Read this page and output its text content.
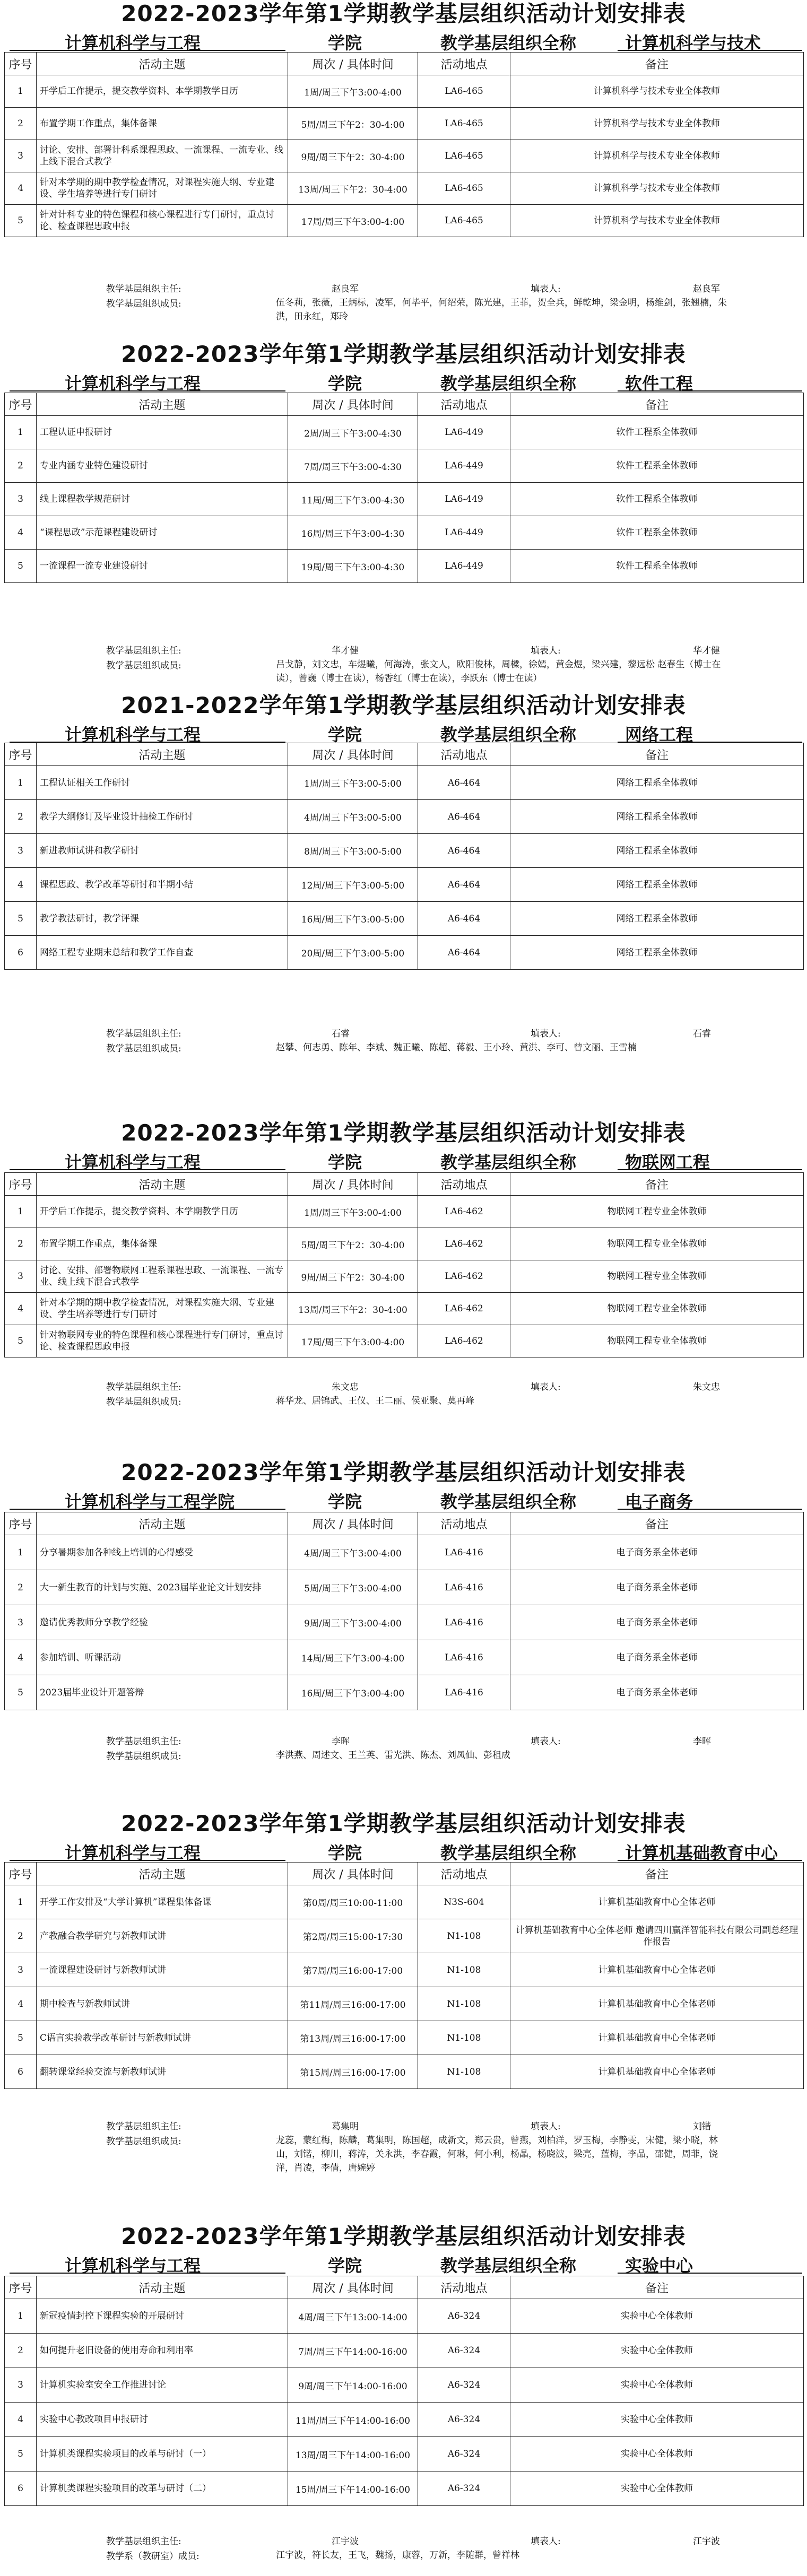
2022-2023学年第1学期教学基层组织活动计划安排表
计算机科学与工程	学院	教学基层组织全称	计算机科学与技术
序号	活动主题	周次 / 具体时间	活动地点	备注
1	开学后工作提示，提交教学资料、本学期教学日历	1周/周三下午3:00-4:00	LA6-465	计算机科学与技术专业全体教师
2	布置学期工作重点，集体备课	5周/周三下午2：30-4:00	LA6-465	计算机科学与技术专业全体教师
3	讨论、安排、部署计科系课程思政、一流课程、一流专业、线上线下混合式教学	9周/周三下午2：30-4:00	LA6-465	计算机科学与技术专业全体教师
4	针对本学期的期中教学检查情况，对课程实施大纲、专业建设、学生培养等进行专门研讨	13周/周三下午2：30-4:00	LA6-465	计算机科学与技术专业全体教师
5	针对计科专业的特色课程和核心课程进行专门研讨，重点讨论、检查课程思政申报	17周/周三下午3:00-4:00	LA6-465	计算机科学与技术专业全体教师
教学基层组织主任:	赵良军	填表人:	赵良军
教学基层组织成员:	伍冬莉，张薇，王炳标，凌军，何毕平，何绍荣，陈光建，王菲，贺全兵，鲜乾坤，梁金明，杨维剑，张翘楠，朱洪，田永红，郑玲
2022-2023学年第1学期教学基层组织活动计划安排表
计算机科学与工程	学院	教学基层组织全称	软件工程
序号	活动主题	周次 / 具体时间	活动地点	备注
1	工程认证申报研讨	2周/周三下午3:00-4:30	LA6-449	软件工程系全体教师
2	专业内涵专业特色建设研讨	7周/周三下午3:00-4:30	LA6-449	软件工程系全体教师
3	线上课程教学规范研讨	11周/周三下午3:00-4:30	LA6-449	软件工程系全体教师
4	“课程思政”示范课程建设研讨	16周/周三下午3:00-4:30	LA6-449	软件工程系全体教师
5	一流课程一流专业建设研讨	19周/周三下午3:00-4:30	LA6-449	软件工程系全体教师
教学基层组织主任:	华才健	填表人:	华才健
教学基层组织成员:	吕戈静，刘文忠，车煜曦，何海涛，张文人，欧阳俊林，周樑，徐嫣，黄金煜，梁兴建，黎远松 赵春生（博士在读），曾巍（博士在读），杨香红（博士在读），李跃东（博士在读）
2021-2022学年第1学期教学基层组织活动计划安排表
计算机科学与工程	学院	教学基层组织全称	网络工程
序号	活动主题	周次 / 具体时间	活动地点	备注
1	工程认证相关工作研讨	1周/周三下午3:00-5:00	A6-464	网络工程系全体教师
2	教学大纲修订及毕业设计抽检工作研讨	4周/周三下午3:00-5:00	A6-464	网络工程系全体教师
3	新进教师试讲和教学研讨	8周/周三下午3:00-5:00	A6-464	网络工程系全体教师
4	课程思政、教学改革等研讨和半期小结	12周/周三下午3:00-5:00	A6-464	网络工程系全体教师
5	教学教法研讨，教学评课	16周/周三下午3:00-5:00	A6-464	网络工程系全体教师
6	网络工程专业期末总结和教学工作自查	20周/周三下午3:00-5:00	A6-464	网络工程系全体教师
教学基层组织主任:	石睿	填表人:	石睿
教学基层组织成员:	赵攀、何志勇、陈年、李斌、魏正曦、陈超、蒋毅、王小玲、黄洪、李可、曾文丽、王雪楠
2022-2023学年第1学期教学基层组织活动计划安排表
计算机科学与工程	学院	教学基层组织全称	物联网工程
序号	活动主题	周次 / 具体时间	活动地点	备注
1	开学后工作提示，提交教学资料、本学期教学日历	1周/周三下午3:00-4:00	LA6-462	物联网工程专业全体教师
2	布置学期工作重点，集体备课	5周/周三下午2：30-4:00	LA6-462	物联网工程专业全体教师
3	讨论、安排、部署物联网工程系课程思政、一流课程、一流专业、线上线下混合式教学	9周/周三下午2：30-4:00	LA6-462	物联网工程专业全体教师
4	针对本学期的期中教学检查情况，对课程实施大纲、专业建设、学生培养等进行专门研讨	13周/周三下午2：30-4:00	LA6-462	物联网工程专业全体教师
5	针对物联网专业的特色课程和核心课程进行专门研讨，重点讨论、检查课程思政申报	17周/周三下午3:00-4:00	LA6-462	物联网工程专业全体教师
教学基层组织主任:	朱文忠	填表人:	朱文忠
教学基层组织成员:	蒋华龙、居锦武、王仪、王二丽、侯亚聚、莫再峰
2022-2023学年第1学期教学基层组织活动计划安排表
计算机科学与工程学院	学院	教学基层组织全称	电子商务
序号	活动主题	周次 / 具体时间	活动地点	备注
1	分享暑期参加各种线上培训的心得感受	4周/周三下午3:00-4:00	LA6-416	电子商务系全体老师
2	大一新生教育的计划与实施、2023届毕业论文计划安排	5周/周三下午3:00-4:00	LA6-416	电子商务系全体老师
3	邀请优秀教师分享教学经验	9周/周三下午3:00-4:00	LA6-416	电子商务系全体老师
4	参加培训、听课活动	14周/周三下午3:00-4:00	LA6-416	电子商务系全体老师
5	2023届毕业设计开题答辩	16周/周三下午3:00-4:00	LA6-416	电子商务系全体老师
教学基层组织主任:	李晖	填表人:	李晖
教学基层组织成员:	李洪燕、周述文、王兰英、雷光洪、陈杰、刘凤仙、彭租成
2022-2023学年第1学期教学基层组织活动计划安排表
计算机科学与工程	学院	教学基层组织全称	计算机基础教育中心
序号	活动主题	周次 / 具体时间	活动地点	备注
1	开学工作安排及“大学计算机”课程集体备课	第0周/周三10:00-11:00	N3S-604	计算机基础教育中心全体老师
2	产教融合教学研究与新教师试讲	第2周/周三15:00-17:30	N1-108	计算机基础教育中心全体老师 邀请四川赢洋智能科技有限公司副总经理作报告
3	一流课程建设研讨与新教师试讲	第7周/周三16:00-17:00	N1-108	计算机基础教育中心全体老师
4	期中检查与新教师试讲	第11周/周三16:00-17:00	N1-108	计算机基础教育中心全体老师
5	C语言实验教学改革研讨与新教师试讲	第13周/周三16:00-17:00	N1-108	计算机基础教育中心全体老师
6	翻转课堂经验交流与新教师试讲	第15周/周三16:00-17:00	N1-108	计算机基础教育中心全体老师
教学基层组织主任:	葛集明	填表人:	刘锴
教学基层组织成员:	龙蕊，蒙红梅，陈麟，葛集明，陈国超，成新文，郑云贵，曾燕，刘柏洋，罗玉梅，李静雯，宋健，梁小晓，林山，刘锴，柳川，蒋涛，关永洪，李春霞，何琳，何小利，杨晶，杨晓波，梁亮，蓝梅，李品，邵健，周菲，饶洋，肖凌，李倩，唐婉婷
2022-2023学年第1学期教学基层组织活动计划安排表
计算机科学与工程	学院	教学基层组织全称	实验中心
序号	活动主题	周次 / 具体时间	活动地点	备注
1	新冠疫情封控下课程实验的开展研讨	4周/周三下午13:00-14:00	A6-324	实验中心全体教师
2	如何提升老旧设备的使用寿命和利用率	7周/周三下午14:00-16:00	A6-324	实验中心全体教师
3	计算机实验室安全工作推进讨论	9周/周三下午14:00-16:00	A6-324	实验中心全体教师
4	实验中心教改项目申报研讨	11周/周三下午14:00-16:00	A6-324	实验中心全体教师
5	计算机类课程实验项目的改革与研讨（一）	13周/周三下午14:00-16:00	A6-324	实验中心全体教师
6	计算机类课程实验项目的改革与研讨（二）	15周/周三下午14:00-16:00	A6-324	实验中心全体教师
教学基层组织主任:	江宇波	填表人:	江宇波
教学系（教研室）成员:	江宇波，符长友，王飞，魏扬，康蓉，万新，李随群，曾祥林
